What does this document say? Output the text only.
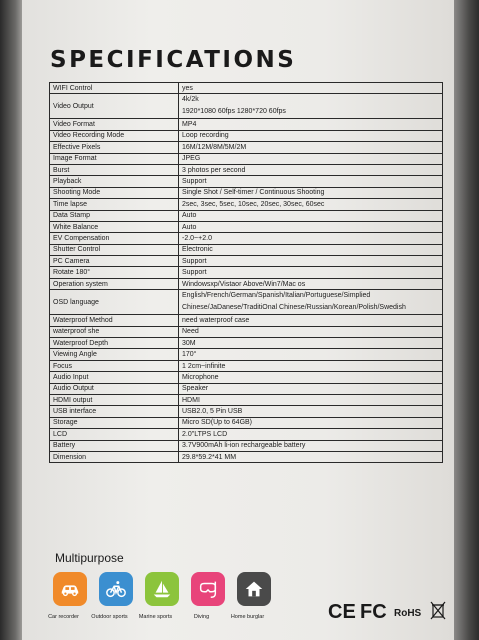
SPECIFICATIONS
WIFI Control	yes

Video Output	4k/2k
1920*1080 60fps 1280*720 60fps

Video Format	MP4

Video Recording Mode	Loop recording

Effective Pixels	16M/12M/8M/5M/2M

Image Format	JPEG

Burst	3 photos per second

Playback	Support

Shooting Mode	Single Shot / Self-timer / Continuous Shooting

Time lapse	2sec, 3sec, 5sec, 10sec, 20sec, 30sec, 60sec

Data Stamp	Auto

White Balance	Auto

EV Compensation	-2.0~+2.0

Shutter Control	Electronic

PC Camera	Support

Rotate 180°	Support

Operation system	Windowsxp/Vistaor Above/Win7/Mac os

OSD language	English/French/German/Spanish/Italian/Portuguese/Simplied
Chinese/JaDanese/TraditiOnal Chinese/Russian/Korean/Polish/Swedish

Waterproof Method	need waterproof case

waterproof she	Need

Waterproof Depth	30M

Viewing Angle	170°

Focus	1 2cm~infinite

Audio Input	Microphone

Audio Output	Speaker

HDMI output	HDMI

USB interface	USB2.0, 5 Pin USB

Storage	Micro SD(Up to 64GB)

LCD	2.0"LTPS LCD

Battery	3.7V900mAh li-ion rechargeable battery

Dimension	29.8*59.2*41 MM

Multipurpose

Car recorder	Outdoor sports	Marine sports	Diving	Home burglar	CE FC RoHS
